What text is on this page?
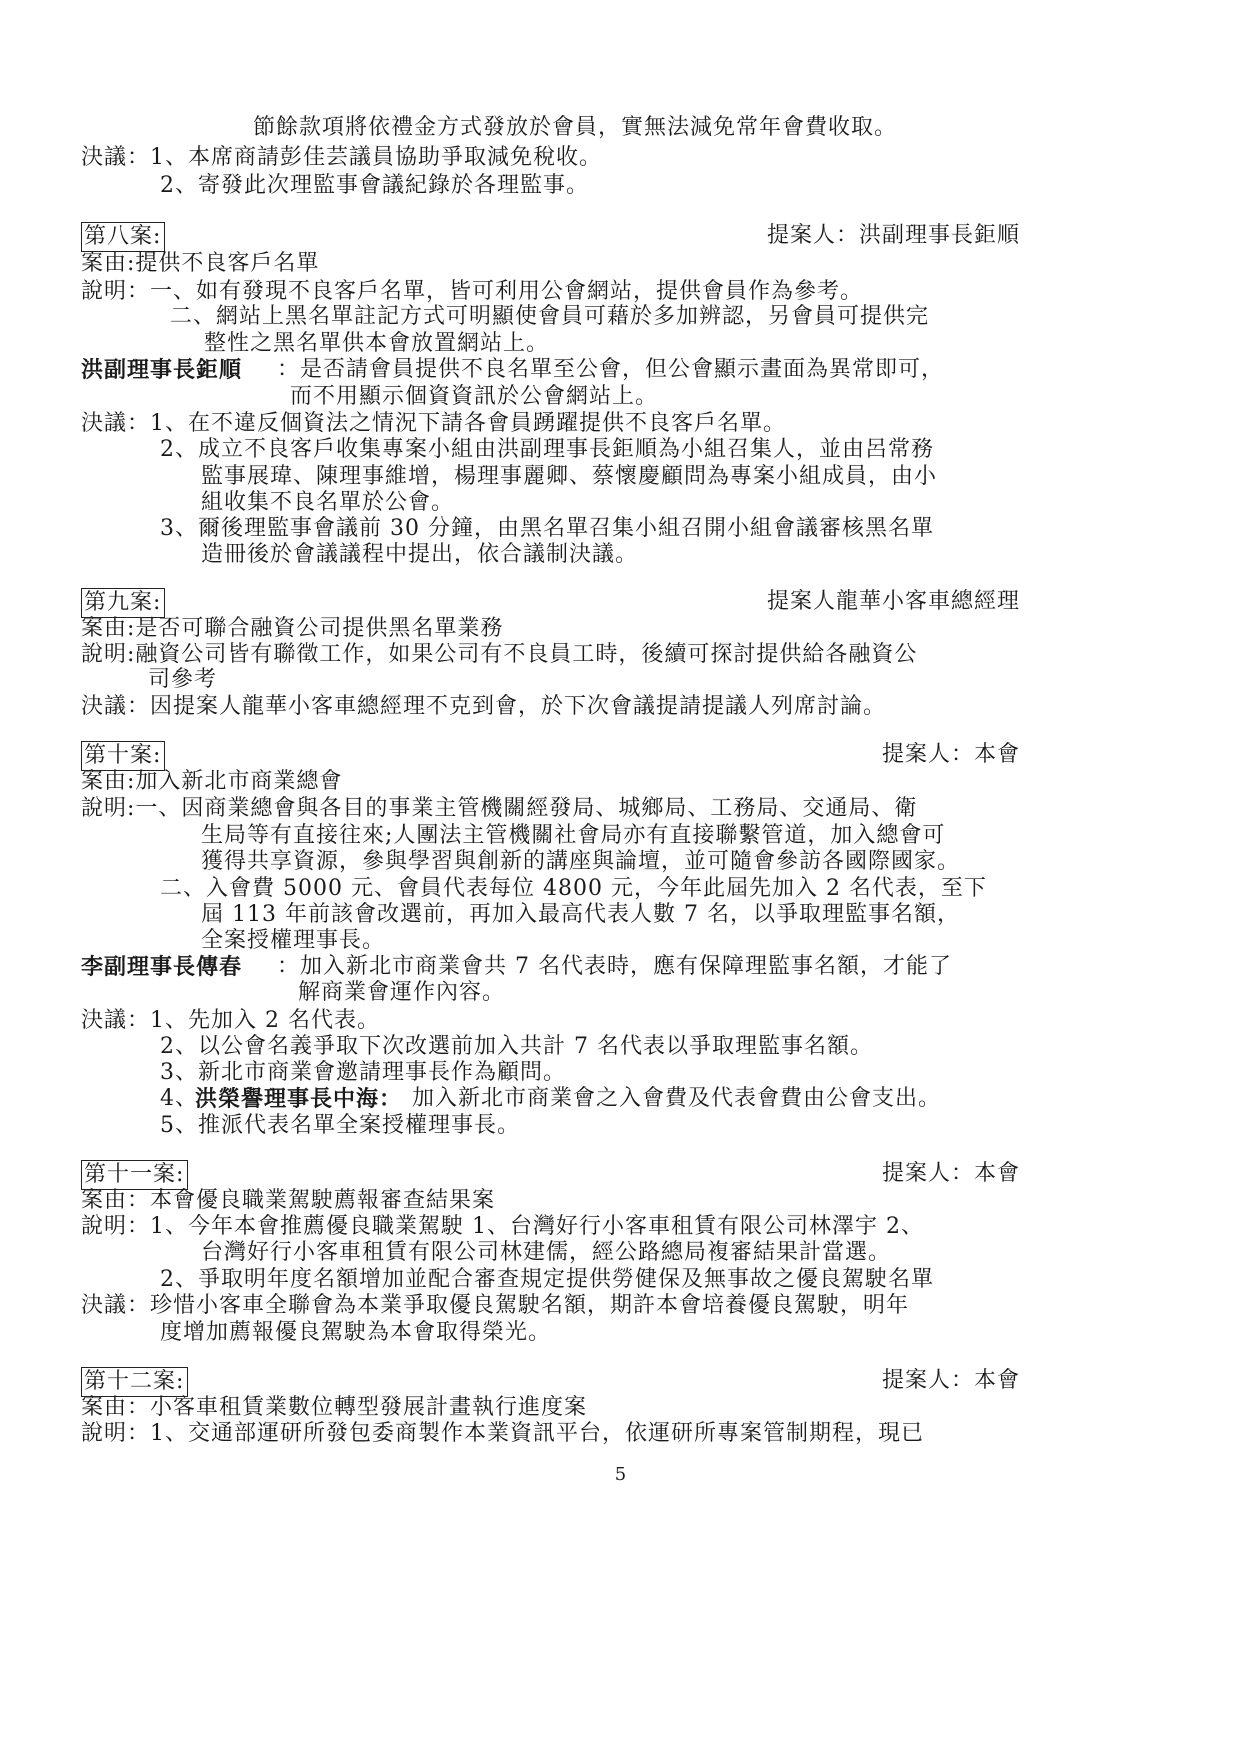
節餘款項將依禮金方式發放於會員，實無法減免常年會費收取。
決議：1、本席商請彭佳芸議員協助爭取減免稅收。
2、寄發此次理監事會議紀錄於各理監事。
第八案:	提案人：洪副理事長鉅順
案由:提供不良客戶名單
說明：一、如有發現不良客戶名單，皆可利用公會網站，提供會員作為參考。
二、網站上黑名單註記方式可明顯使會員可藉於多加辨認，另會員可提供完
整性之黑名單供本會放置網站上。
洪副理事長鉅順 ：是否請會員提供不良名單至公會，但公會顯示畫面為異常即可，
而不用顯示個資資訊於公會網站上。
決議：1、在不違反個資法之情況下請各會員踴躍提供不良客戶名單。
2、成立不良客戶收集專案小組由洪副理事長鉅順為小組召集人，並由呂常務
監事展瑋、陳理事維增，楊理事麗卿、蔡懷慶顧問為專案小組成員，由小
組收集不良名單於公會。
3、爾後理監事會議前 30 分鐘，由黑名單召集小組召開小組會議審核黑名單
造冊後於會議議程中提出，依合議制決議。
第九案:	提案人龍華小客車總經理
案由:是否可聯合融資公司提供黑名單業務
說明:融資公司皆有聯徵工作，如果公司有不良員工時，後續可探討提供給各融資公
司參考
決議：因提案人龍華小客車總經理不克到會，於下次會議提請提議人列席討論。
第十案:	提案人：本會
案由:加入新北市商業總會
說明:一、因商業總會與各目的事業主管機關經發局、城鄉局、工務局、交通局、衛
生局等有直接往來;人團法主管機關社會局亦有直接聯繫管道，加入總會可
獲得共享資源，參與學習與創新的講座與論壇，並可隨會參訪各國際國家。
二、入會費 5000 元、會員代表每位 4800 元，今年此屆先加入 2 名代表，至下
屆 113 年前該會改選前，再加入最高代表人數 7 名，以爭取理監事名額，
全案授權理事長。
李副理事長傳春 ：加入新北市商業會共 7 名代表時，應有保障理監事名額，才能了
解商業會運作內容。
決議：1、先加入 2 名代表。
2、以公會名義爭取下次改選前加入共計 7 名代表以爭取理監事名額。
3、新北市商業會邀請理事長作為顧問。
4、
洪榮譽理事長中海： 加入新北市商業會之入會費及代表會費由公會支出。
5、推派代表名單全案授權理事長。
第十一案:	提案人：本會
案由：本會優良職業駕駛薦報審查結果案
說明：1、今年本會推薦優良職業駕駛 1、台灣好行小客車租賃有限公司林澤宇 2、
台灣好行小客車租賃有限公司林建儒，經公路總局複審結果計當選。
2、爭取明年度名額增加並配合審查規定提供勞健保及無事故之優良駕駛名單
決議：珍惜小客車全聯會為本業爭取優良駕駛名額，期許本會培養優良駕駛，明年
度增加薦報優良駕駛為本會取得榮光。
第十二案:	提案人：本會
案由：小客車租賃業數位轉型發展計畫執行進度案
說明：1、交通部運研所發包委商製作本業資訊平台，依運研所專案管制期程，現已
5
